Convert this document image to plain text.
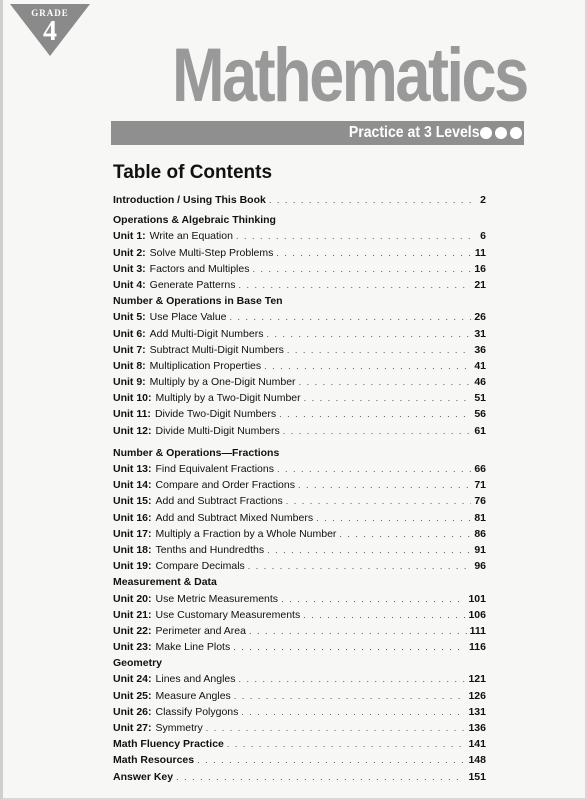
GRADE
4
Mathematics
Practice at 3 Levels
Table of Contents
Introduction / Using This Book . . .	2
Operations & Algebraic Thinking
Unit 1: Write an Equation . . .	6
Unit 2: Solve Multi-Step Problems . . .	11
Unit 3: Factors and Multiples . . .	16
Unit 4: Generate Patterns . . .	21
Number & Operations in Base Ten
Unit 5: Use Place Value . . .	26
Unit 6: Add Multi-Digit Numbers . . .	31
Unit 7: Subtract Multi-Digit Numbers . . .	36
Unit 8: Multiplication Properties . . .	41
Unit 9: Multiply by a One-Digit Number . . .	46
Unit 10: Multiply by a Two-Digit Number . . .	51
Unit 11: Divide Two-Digit Numbers . . .	56
Unit 12: Divide Multi-Digit Numbers . . .	61
Number & Operations—Fractions
Unit 13: Find Equivalent Fractions . . .	66
Unit 14: Compare and Order Fractions . . .	71
Unit 15: Add and Subtract Fractions . . .	76
Unit 16: Add and Subtract Mixed Numbers . . .	81
Unit 17: Multiply a Fraction by a Whole Number . . .	86
Unit 18: Tenths and Hundredths . . .	91
Unit 19: Compare Decimals . . .	96
Measurement & Data
Unit 20: Use Metric Measurements . . .	101
Unit 21: Use Customary Measurements . . .	106
Unit 22: Perimeter and Area . . .	111
Unit 23: Make Line Plots . . .	116
Geometry
Unit 24: Lines and Angles . . .	121
Unit 25: Measure Angles . . .	126
Unit 26: Classify Polygons . . .	131
Unit 27: Symmetry . . .	136
Math Fluency Practice . . .	141
Math Resources . . .	148
Answer Key . . .	151
